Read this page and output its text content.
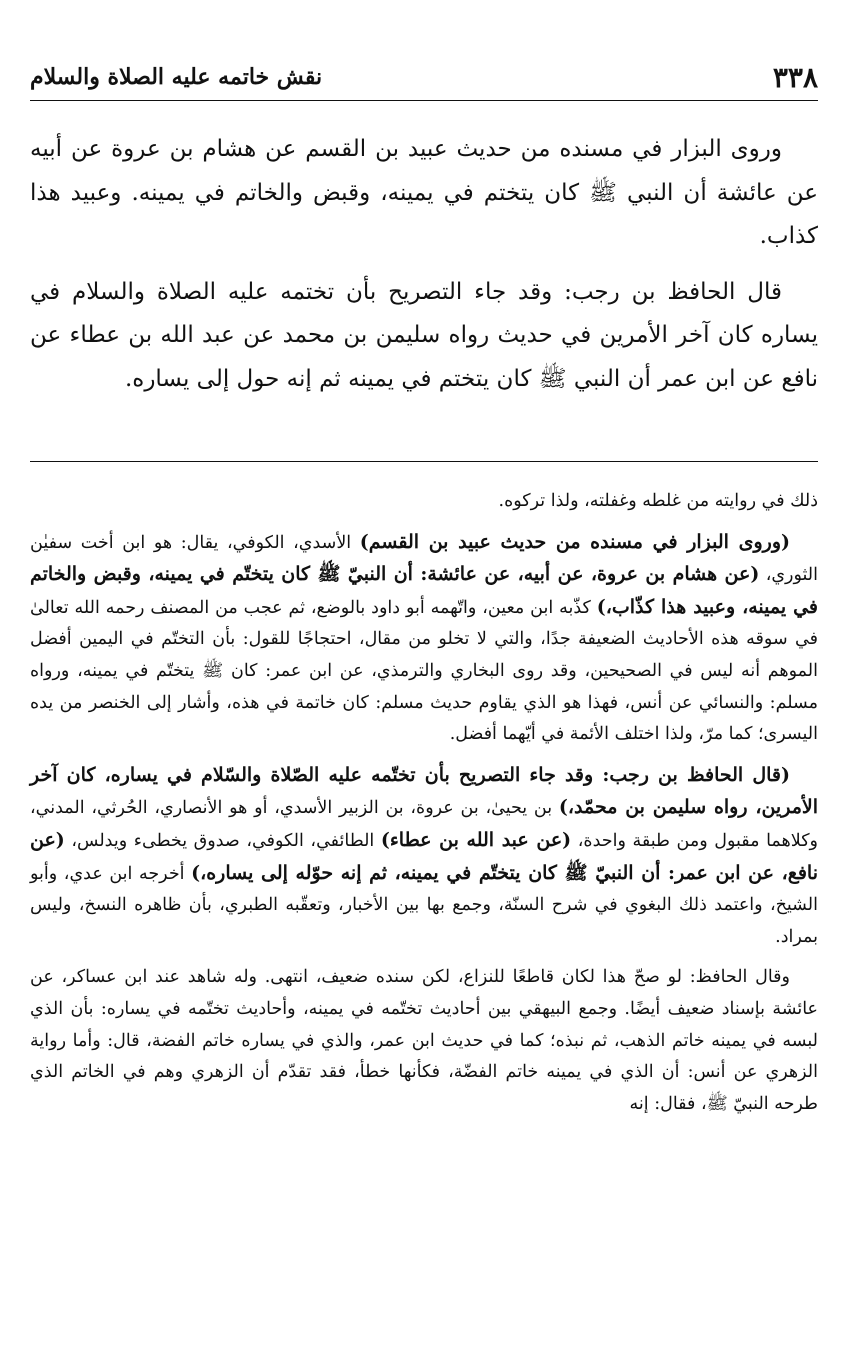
٣٣٨
نقش خاتمه عليه الصلاة والسلام

وروى البزار في مسنده من حديث عبيد بن القسم عن هشام بن عروة عن أبيه عن عائشة أن النبي ﷺ كان يتختم في يمينه، وقبض والخاتم في يمينه. وعبيد هذا كذاب.

قال الحافظ بن رجب: وقد جاء التصريح بأن تختمه عليه الصلاة والسلام في يساره كان آخر الأمرين في حديث رواه سليمن بن محمد عن عبد الله بن عطاء عن نافع عن ابن عمر أن النبي ﷺ كان يتختم في يمينه ثم إنه حول إلى يساره.

ذلك في روايته من غلطه وغفلته، ولذا تركوه.

(وروى البزار في مسنده من حديث عبيد بن القسم) الأسدي، الكوفي، يقال: هو ابن أخت سفيٰن الثوري، (عن هشام بن عروة، عن أبيه، عن عائشة: أن النبيّ ﷺ كان يتختّم في يمينه، وقبض والخاتم في يمينه، وعبيد هذا كذّاب،) كذّبه ابن معين، واتّهمه أبو داود بالوضع، ثم عجب من المصنف رحمه الله تعالىٰ في سوقه هذه الأحاديث الضعيفة جدًا، والتي لا تخلو من مقال، احتجاجًا للقول: بأن التختّم في اليمين أفضل الموهم أنه ليس في الصحيحين، وقد روى البخاري والترمذي، عن ابن عمر: كان ﷺ يتختّم في يمينه، ورواه مسلم: والنسائي عن أنس، فهذا هو الذي يقاوم حديث مسلم: كان خاتمة في هذه، وأشار إلى الخنصر من يده اليسرى؛ كما مرّ، ولذا اختلف الأئمة في أيّهما أفضل.

(قال الحافظ بن رجب: وقد جاء التصريح بأن تختّمه عليه الصّلاة والسّلام في يساره، كان آخر الأمرين، رواه سليمن بن محمّد،) بن يحيىٰ، بن عروة، بن الزبير الأسدي، أو هو الأنصاري، الحُرثي، المدني، وكلاهما مقبول ومن طبقة واحدة، (عن عبد الله بن عطاء) الطائفي، الكوفي، صدوق يخطىء ويدلس، (عن نافع، عن ابن عمر: أن النبيّ ﷺ كان يتختّم في يمينه، ثم إنه حوّله إلى يساره،) أخرجه ابن عدي، وأبو الشيخ، واعتمد ذلك البغوي في شرح السنّة، وجمع بها بين الأخبار، وتعقّبه الطبري، بأن ظاهره النسخ، وليس بمراد.

وقال الحافظ: لو صحّ هذا لكان قاطعًا للنزاع، لكن سنده ضعيف، انتهى. وله شاهد عند ابن عساكر، عن عائشة بإسناد ضعيف أيضًا. وجمع البيهقي بين أحاديث تختّمه في يمينه، وأحاديث تختّمه في يساره: بأن الذي لبسه في يمينه خاتم الذهب، ثم نبذه؛ كما في حديث ابن عمر، والذي في يساره خاتم الفضة، قال: وأما رواية الزهري عن أنس: أن الذي في يمينه خاتم الفضّة، فكأنها خطأ، فقد تقدّم أن الزهري وهم في الخاتم الذي طرحه النبيّ ﷺ، فقال: إنه
